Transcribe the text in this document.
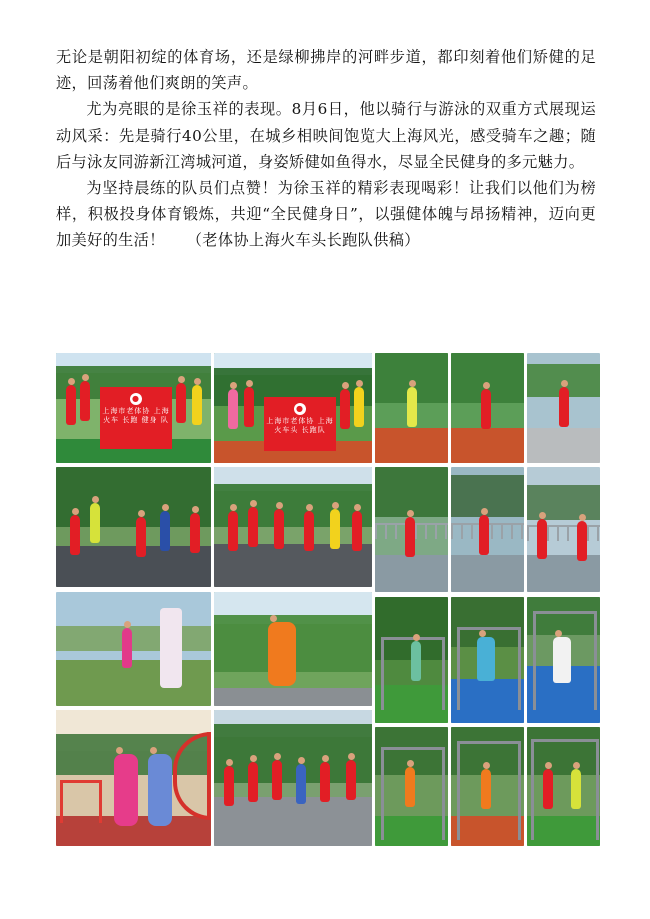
无论是朝阳初绽的体育场，还是绿柳拂岸的河畔步道，都印刻着他们矫健的足迹，回荡着他们爽朗的笑声。

尤为亮眼的是徐玉祥的表现。8月6日，他以骑行与游泳的双重方式展现运动风采：先是骑行40公里，在城乡相映间饱览大上海风光，感受骑车之趣；随后与泳友同游新江湾城河道，身姿矫健如鱼得水，尽显全民健身的多元魅力。

为坚持晨练的队员们点赞！为徐玉祥的精彩表现喝彩！让我们以他们为榜样，积极投身体育锻炼，共迎“全民健身日”，以强健体魄与昂扬精神，迈向更加美好的生活！ （老体协上海火车头长跑队供稿）

●
上海市老体协 上海火车 长跑 健身 队
●
上海市老体协 上海火车头 长跑队
